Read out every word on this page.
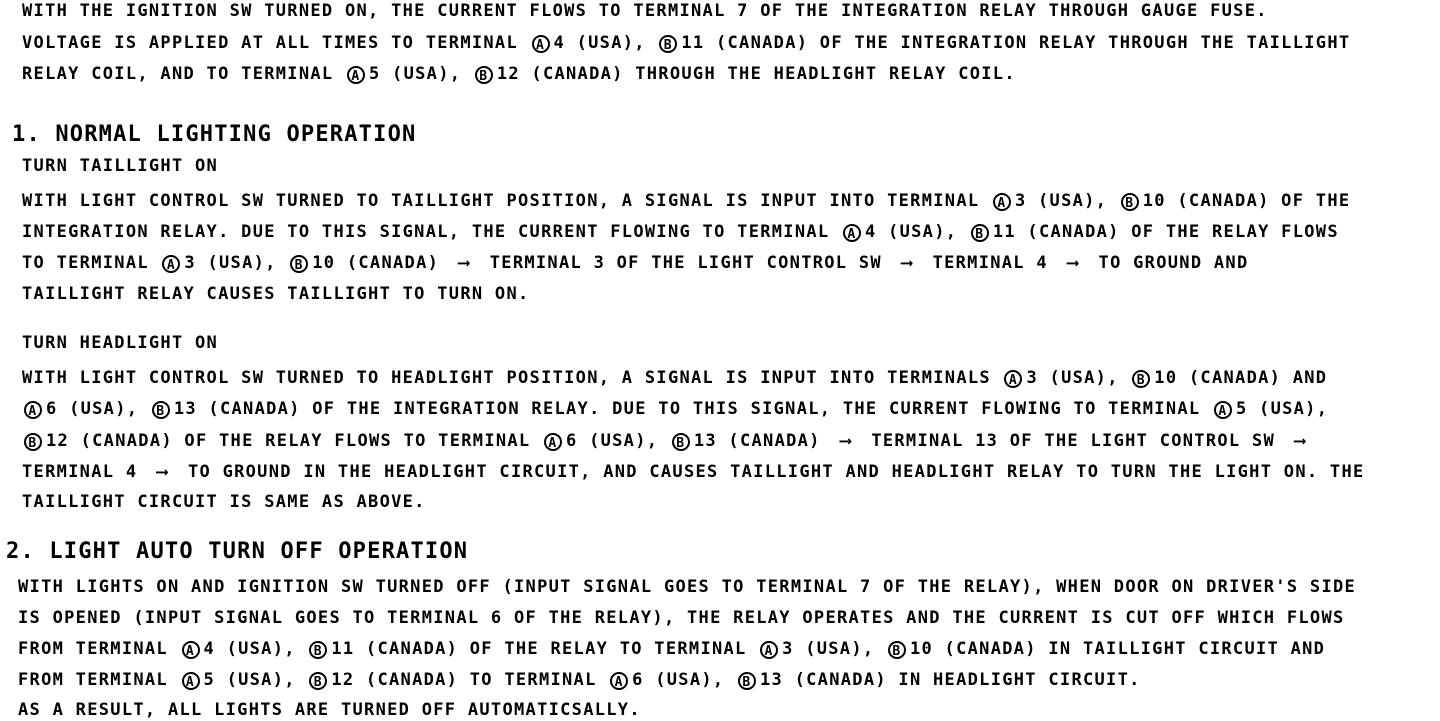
WITH THE IGNITION SW TURNED ON, THE CURRENT FLOWS TO TERMINAL 7 OF THE INTEGRATION RELAY THROUGH GAUGE FUSE.
VOLTAGE IS APPLIED AT ALL TIMES TO TERMINAL A 4 (USA), B 11 (CANADA) OF THE INTEGRATION RELAY THROUGH THE TAILLIGHT
RELAY COIL, AND TO TERMINAL A 5 (USA), B 12 (CANADA) THROUGH THE HEADLIGHT RELAY COIL.
1. NORMAL LIGHTING OPERATION
TURN TAILLIGHT ON
WITH LIGHT CONTROL SW TURNED TO TAILLIGHT POSITION, A SIGNAL IS INPUT INTO TERMINAL A 3 (USA), B 10 (CANADA) OF THE
INTEGRATION RELAY. DUE TO THIS SIGNAL, THE CURRENT FLOWING TO TERMINAL A 4 (USA), B 11 (CANADA) OF THE RELAY FLOWS
TO TERMINAL A 3 (USA), B 10 (CANADA) ⟶ TERMINAL 3 OF THE LIGHT CONTROL SW ⟶ TERMINAL 4 ⟶ TO GROUND AND
TAILLIGHT RELAY CAUSES TAILLIGHT TO TURN ON.
TURN HEADLIGHT ON
WITH LIGHT CONTROL SW TURNED TO HEADLIGHT POSITION, A SIGNAL IS INPUT INTO TERMINALS A 3 (USA), B 10 (CANADA) AND
A 6 (USA), B 13 (CANADA) OF THE INTEGRATION RELAY. DUE TO THIS SIGNAL, THE CURRENT FLOWING TO TERMINAL A 5 (USA),
B 12 (CANADA) OF THE RELAY FLOWS TO TERMINAL A 6 (USA), B 13 (CANADA) ⟶ TERMINAL 13 OF THE LIGHT CONTROL SW ⟶
TERMINAL 4 ⟶ TO GROUND IN THE HEADLIGHT CIRCUIT, AND CAUSES TAILLIGHT AND HEADLIGHT RELAY TO TURN THE LIGHT ON. THE
TAILLIGHT CIRCUIT IS SAME AS ABOVE.
2. LIGHT AUTO TURN OFF OPERATION
WITH LIGHTS ON AND IGNITION SW TURNED OFF (INPUT SIGNAL GOES TO TERMINAL 7 OF THE RELAY), WHEN DOOR ON DRIVER'S SIDE
IS OPENED (INPUT SIGNAL GOES TO TERMINAL 6 OF THE RELAY), THE RELAY OPERATES AND THE CURRENT IS CUT OFF WHICH FLOWS
FROM TERMINAL A 4 (USA), B 11 (CANADA) OF THE RELAY TO TERMINAL A 3 (USA), B 10 (CANADA) IN TAILLIGHT CIRCUIT AND
FROM TERMINAL A 5 (USA), B 12 (CANADA) TO TERMINAL A 6 (USA), B 13 (CANADA) IN HEADLIGHT CIRCUIT.
AS A RESULT, ALL LIGHTS ARE TURNED OFF AUTOMATICSALLY.
